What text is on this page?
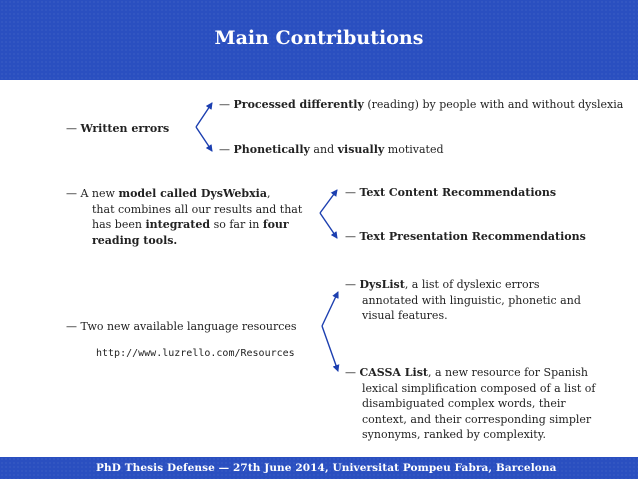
Main Contributions
— Written errors
— Processed differently (reading) by people with and without dyslexia
— Phonetically and visually motivated
— A new model called DysWebxia,
that combines all our results and that
has been integrated so far in four
reading tools.
— Text Content Recommendations
— Text Presentation Recommendations
— Two new available language resources
http://www.luzrello.com/Resources
— DysList, a list of dyslexic errors
annotated with linguistic, phonetic and
visual features.
— CASSA List, a new resource for Spanish
lexical simplification composed of a list of
disambiguated complex words, their
context, and their corresponding simpler
synonyms, ranked by complexity.
PhD Thesis Defense — 27th June 2014, Universitat Pompeu Fabra, Barcelona
